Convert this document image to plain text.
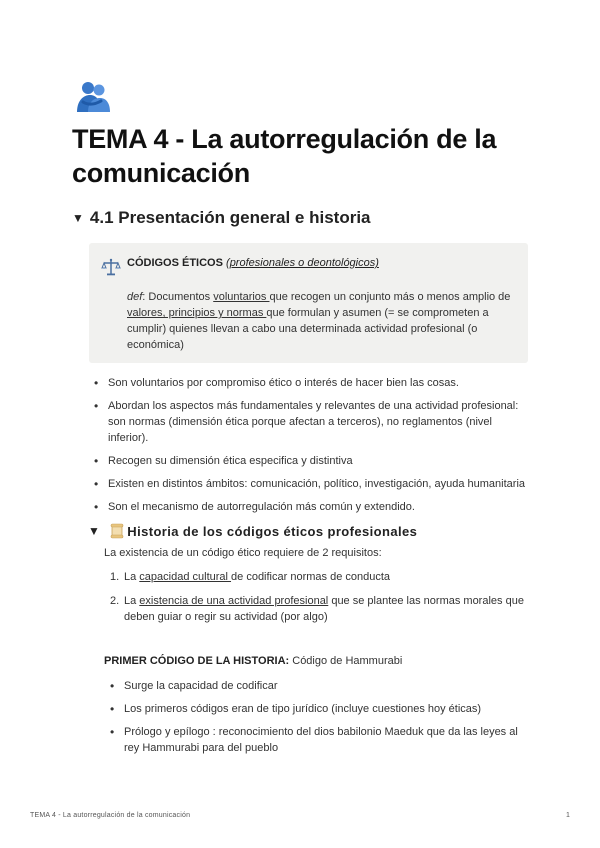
TEMA 4 - La autorregulación de la comunicación
▼ 4.1 Presentación general e historia
CÓDIGOS ÉTICOS (profesionales o deontológicos)
def: Documentos voluntarios que recogen un conjunto más o menos amplio de valores, principios y normas que formulan y asumen (= se comprometen a cumplir) quienes llevan a cabo una determinada actividad profesional (o económica)
• Son voluntarios por compromiso ético o interés de hacer bien las cosas.
• Abordan los aspectos más fundamentales y relevantes de una actividad profesional: son normas (dimensión ética porque afectan a terceros), no reglamentos (nivel inferior).
• Recogen su dimensión ética especifica y distintiva
• Existen en distintos ámbitos: comunicación, político, investigación, ayuda humanitaria
• Son el mecanismo de autorregulación más común y extendido.
▼ Historia de los códigos éticos profesionales
La existencia de un código ético requiere de 2 requisitos:
1. La capacidad cultural de codificar normas de conducta
2. La existencia de una actividad profesional que se plantee las normas morales que deben guiar o regir su actividad (por algo)
PRIMER CÓDIGO DE LA HISTORIA: Código de Hammurabi
• Surge la capacidad de codificar
• Los primeros códigos eran de tipo jurídico (incluye cuestiones hoy éticas)
• Prólogo y epílogo : reconocimiento del dios babilonio Maeduk que da las leyes al rey Hammurabi para del pueblo
TEMA 4 - La autorregulación de la comunicación	1
